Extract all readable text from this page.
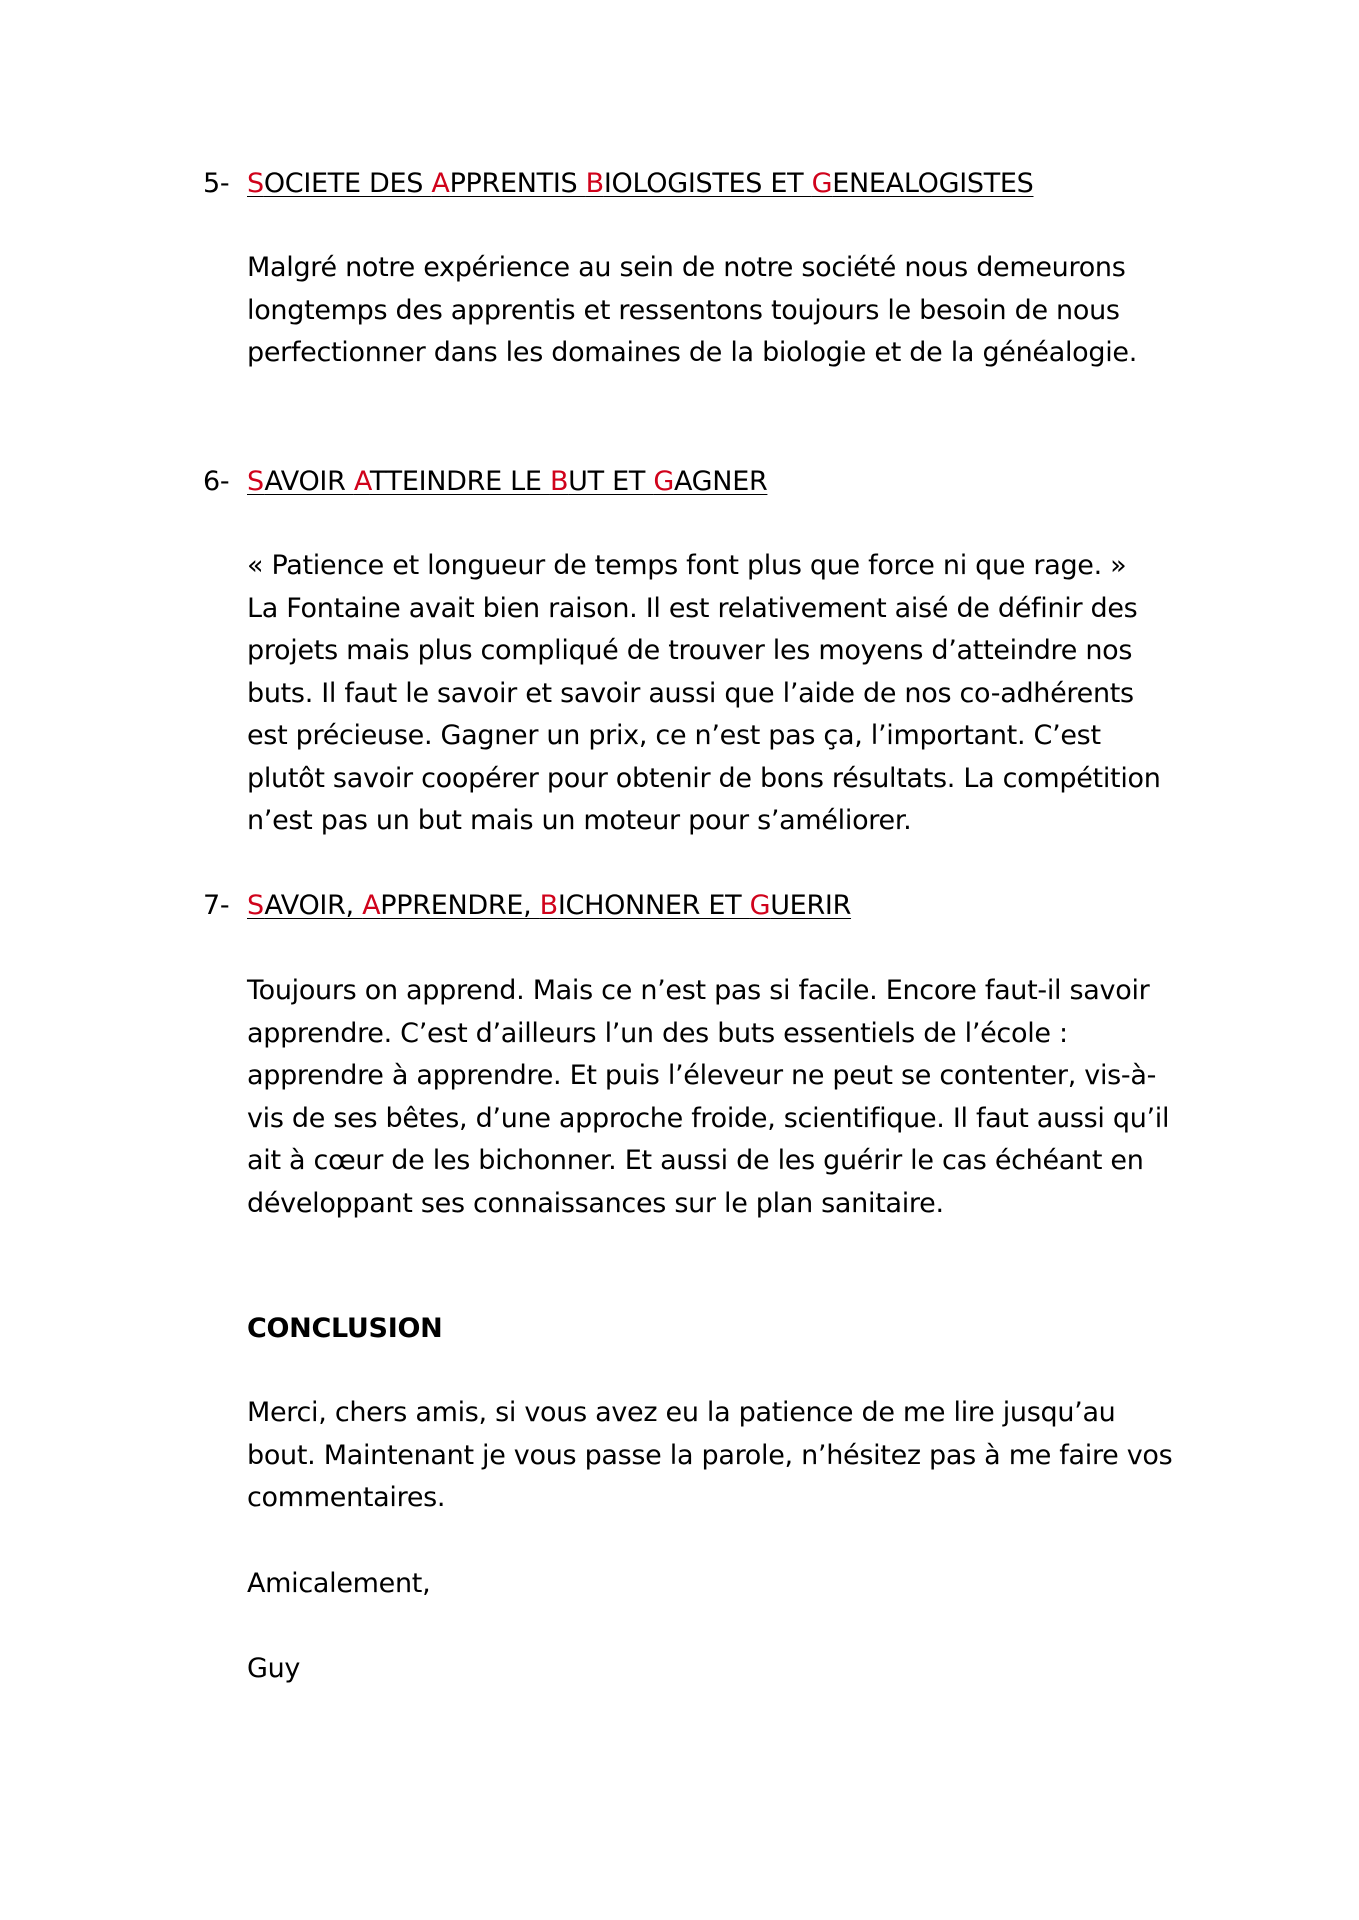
5- SOCIETE DES APPRENTIS BIOLOGISTES ET GENEALOGISTES
Malgré notre expérience au sein de notre société nous demeurons
longtemps des apprentis et ressentons toujours le besoin de nous
perfectionner dans les domaines de la biologie et de la généalogie.
6- SAVOIR ATTEINDRE LE BUT ET GAGNER
« Patience et longueur de temps font plus que force ni que rage. »
La Fontaine avait bien raison. Il est relativement aisé de définir des
projets mais plus compliqué de trouver les moyens d’atteindre nos
buts. Il faut le savoir et savoir aussi que l’aide de nos co-adhérents
est précieuse. Gagner un prix, ce n’est pas ça, l’important. C’est
plutôt savoir coopérer pour obtenir de bons résultats. La compétition
n’est pas un but mais un moteur pour s’améliorer.
7- SAVOIR, APPRENDRE, BICHONNER ET GUERIR
Toujours on apprend. Mais ce n’est pas si facile. Encore faut-il savoir
apprendre. C’est d’ailleurs l’un des buts essentiels de l’école :
apprendre à apprendre. Et puis l’éleveur ne peut se contenter, vis-à-
vis de ses bêtes, d’une approche froide, scientifique. Il faut aussi qu’il
ait à cœur de les bichonner. Et aussi de les guérir le cas échéant en
développant ses connaissances sur le plan sanitaire.
CONCLUSION
Merci, chers amis, si vous avez eu la patience de me lire jusqu’au
bout. Maintenant je vous passe la parole, n’hésitez pas à me faire vos
commentaires.
Amicalement,
Guy
